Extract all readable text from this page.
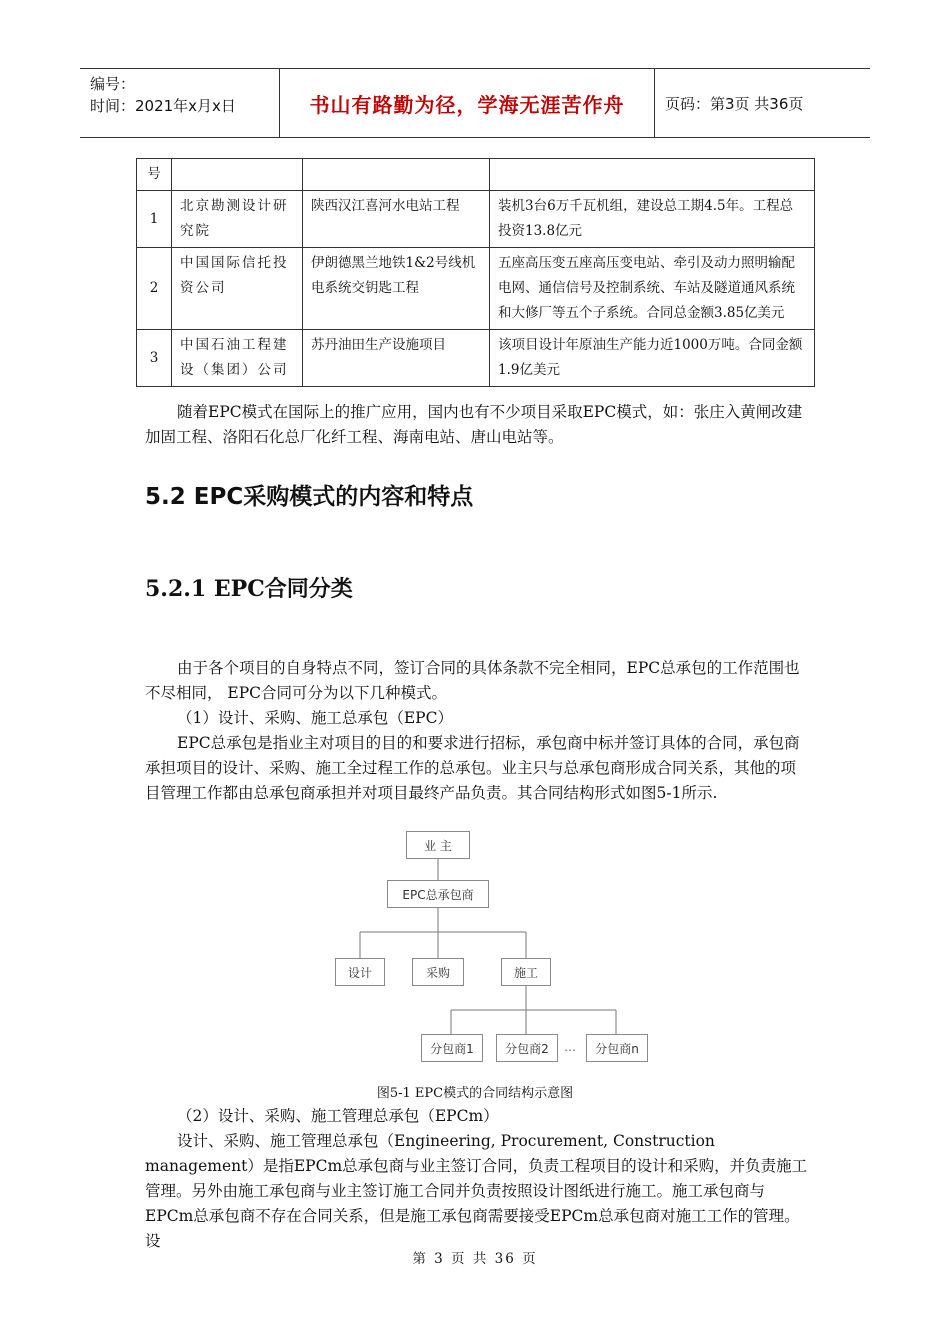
编号：
时间：2021年x月x日	书山有路勤为径，学海无涯苦作舟	页码：第3页 共36页
号			
1	北京勘测设计研究院	陕西汉江喜河水电站工程	装机3台6万千瓦机组，建设总工期4.5年。工程总投资13.8亿元
2	中国国际信托投资公司	伊朗德黑兰地铁1&2号线机电系统交钥匙工程	五座高压变五座高压变电站、牵引及动力照明输配电网、通信信号及控制系统、车站及隧道通风系统和大修厂等五个子系统。合同总金额3.85亿美元
3	中国石油工程建设（集团）公司	苏丹油田生产设施项目	该项目设计年原油生产能力近1000万吨。合同金额1.9亿美元
随着EPC模式在国际上的推广应用，国内也有不少项目采取EPC模式，如：张庄入黄闸改建加固工程、洛阳石化总厂化纤工程、海南电站、唐山电站等。
5.2 EPC采购模式的内容和特点
5.2.1 EPC合同分类
由于各个项目的自身特点不同，签订合同的具体条款不完全相同，EPC总承包的工作范围也不尽相同， EPC合同可分为以下几种模式。
（1）设计、采购、施工总承包（EPC）
EPC总承包是指业主对项目的目的和要求进行招标，承包商中标并签订具体的合同，承包商承担项目的设计、采购、施工全过程工作的总承包。业主只与总承包商形成合同关系，其他的项目管理工作都由总承包商承担并对项目最终产品负责。其合同结构形式如图5-1所示.
业 主
EPC总承包商
设计	采购	施工
分包商1	分包商2	…	分包商n
图5-1 EPC模式的合同结构示意图
（2）设计、采购、施工管理总承包（EPCm）
设计、采购、施工管理总承包（Engineering, Procurement, Construction management）是指EPCm总承包商与业主签订合同，负责工程项目的设计和采购，并负责施工管理。另外由施工承包商与业主签订施工合同并负责按照设计图纸进行施工。施工承包商与EPCm总承包商不存在合同关系，但是施工承包商需要接受EPCm总承包商对施工工作的管理。设
第 3 页 共 36 页
